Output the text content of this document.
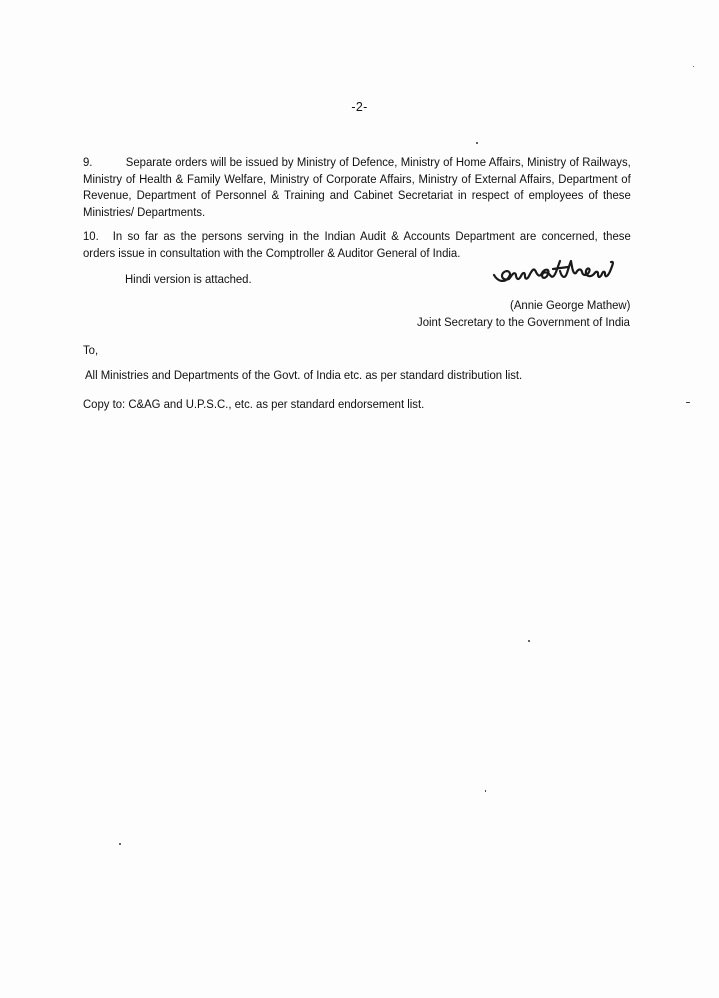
-2-
9.	Separate orders will be issued by Ministry of Defence, Ministry of Home Affairs, Ministry of Railways, Ministry of Health & Family Welfare, Ministry of Corporate Affairs, Ministry of External Affairs, Department of Revenue, Department of Personnel & Training and Cabinet Secretariat in respect of employees of these Ministries/ Departments.
10. In so far as the persons serving in the Indian Audit & Accounts Department are concerned, these orders issue in consultation with the Comptroller & Auditor General of India.
Hindi version is attached.
(Annie George Mathew)
Joint Secretary to the Government of India
To,
All Ministries and Departments of the Govt. of India etc. as per standard distribution list.
Copy to: C&AG and U.P.S.C., etc. as per standard endorsement list.
